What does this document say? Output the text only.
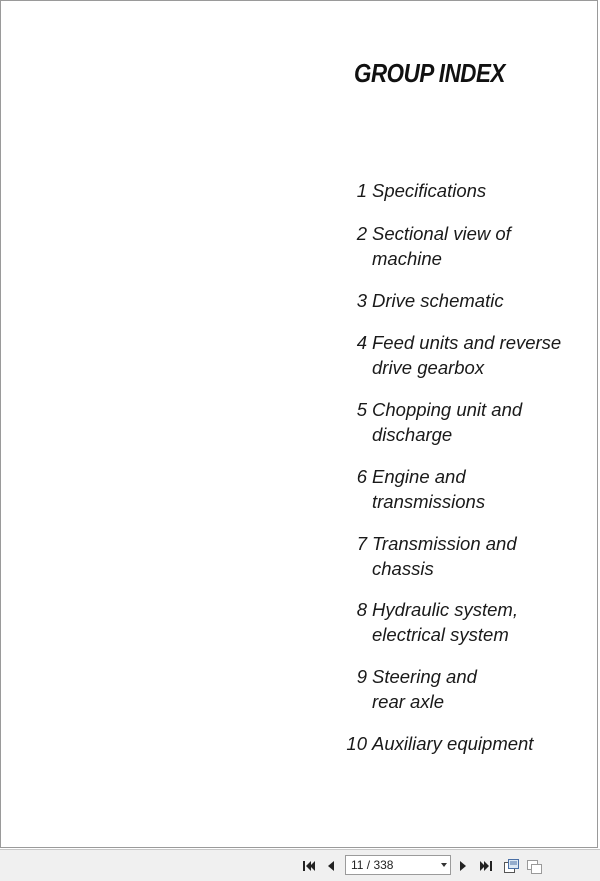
GROUP INDEX
1 Specifications
2 Sectional view of
machine
3 Drive schematic
4 Feed units and reverse
drive gearbox
5 Chopping unit and
discharge
6 Engine and
transmissions
7 Transmission and
chassis
8 Hydraulic system,
electrical system
9 Steering and
rear axle
10 Auxiliary equipment
11 / 338
